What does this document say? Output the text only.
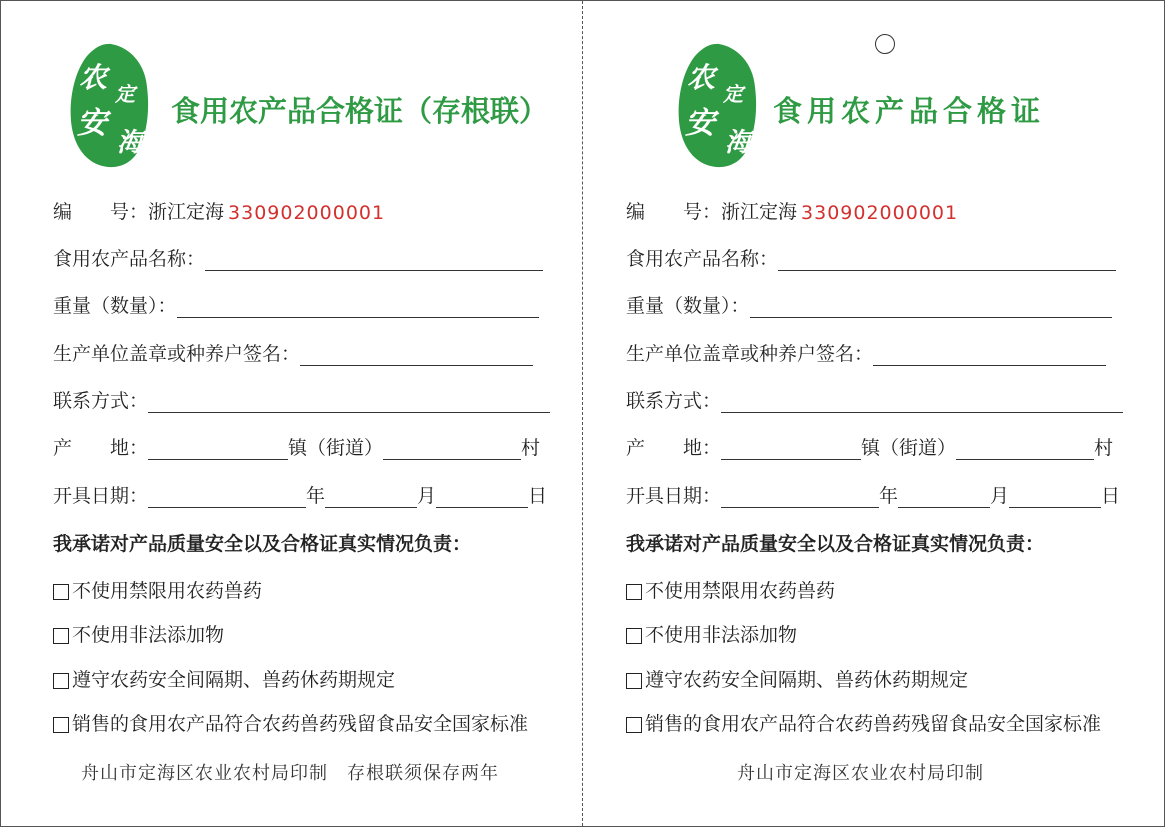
农 定
安
海
食用农产品合格证（存根联）
编　　号： 浙江定海 330902000001
食用农产品名称：
重量（数量）：
生产单位盖章或种养户签名：
联系方式：
产　　地：	镇（街道）	村
开具日期：	年	月	日
我承诺对产品质量安全以及合格证真实情况负责：
不使用禁限用农药兽药
不使用非法添加物
遵守农药安全间隔期、兽药休药期规定
销售的食用农产品符合农药兽药残留食品安全国家标准
舟山市定海区农业农村局印制　存根联须保存两年
农 定
安
海
食用农产品合格证
编　　号： 浙江定海 330902000001
食用农产品名称：
重量（数量）：
生产单位盖章或种养户签名：
联系方式：
产　　地：	镇（街道）	村
开具日期：	年	月	日
我承诺对产品质量安全以及合格证真实情况负责：
不使用禁限用农药兽药
不使用非法添加物
遵守农药安全间隔期、兽药休药期规定
销售的食用农产品符合农药兽药残留食品安全国家标准
舟山市定海区农业农村局印制
